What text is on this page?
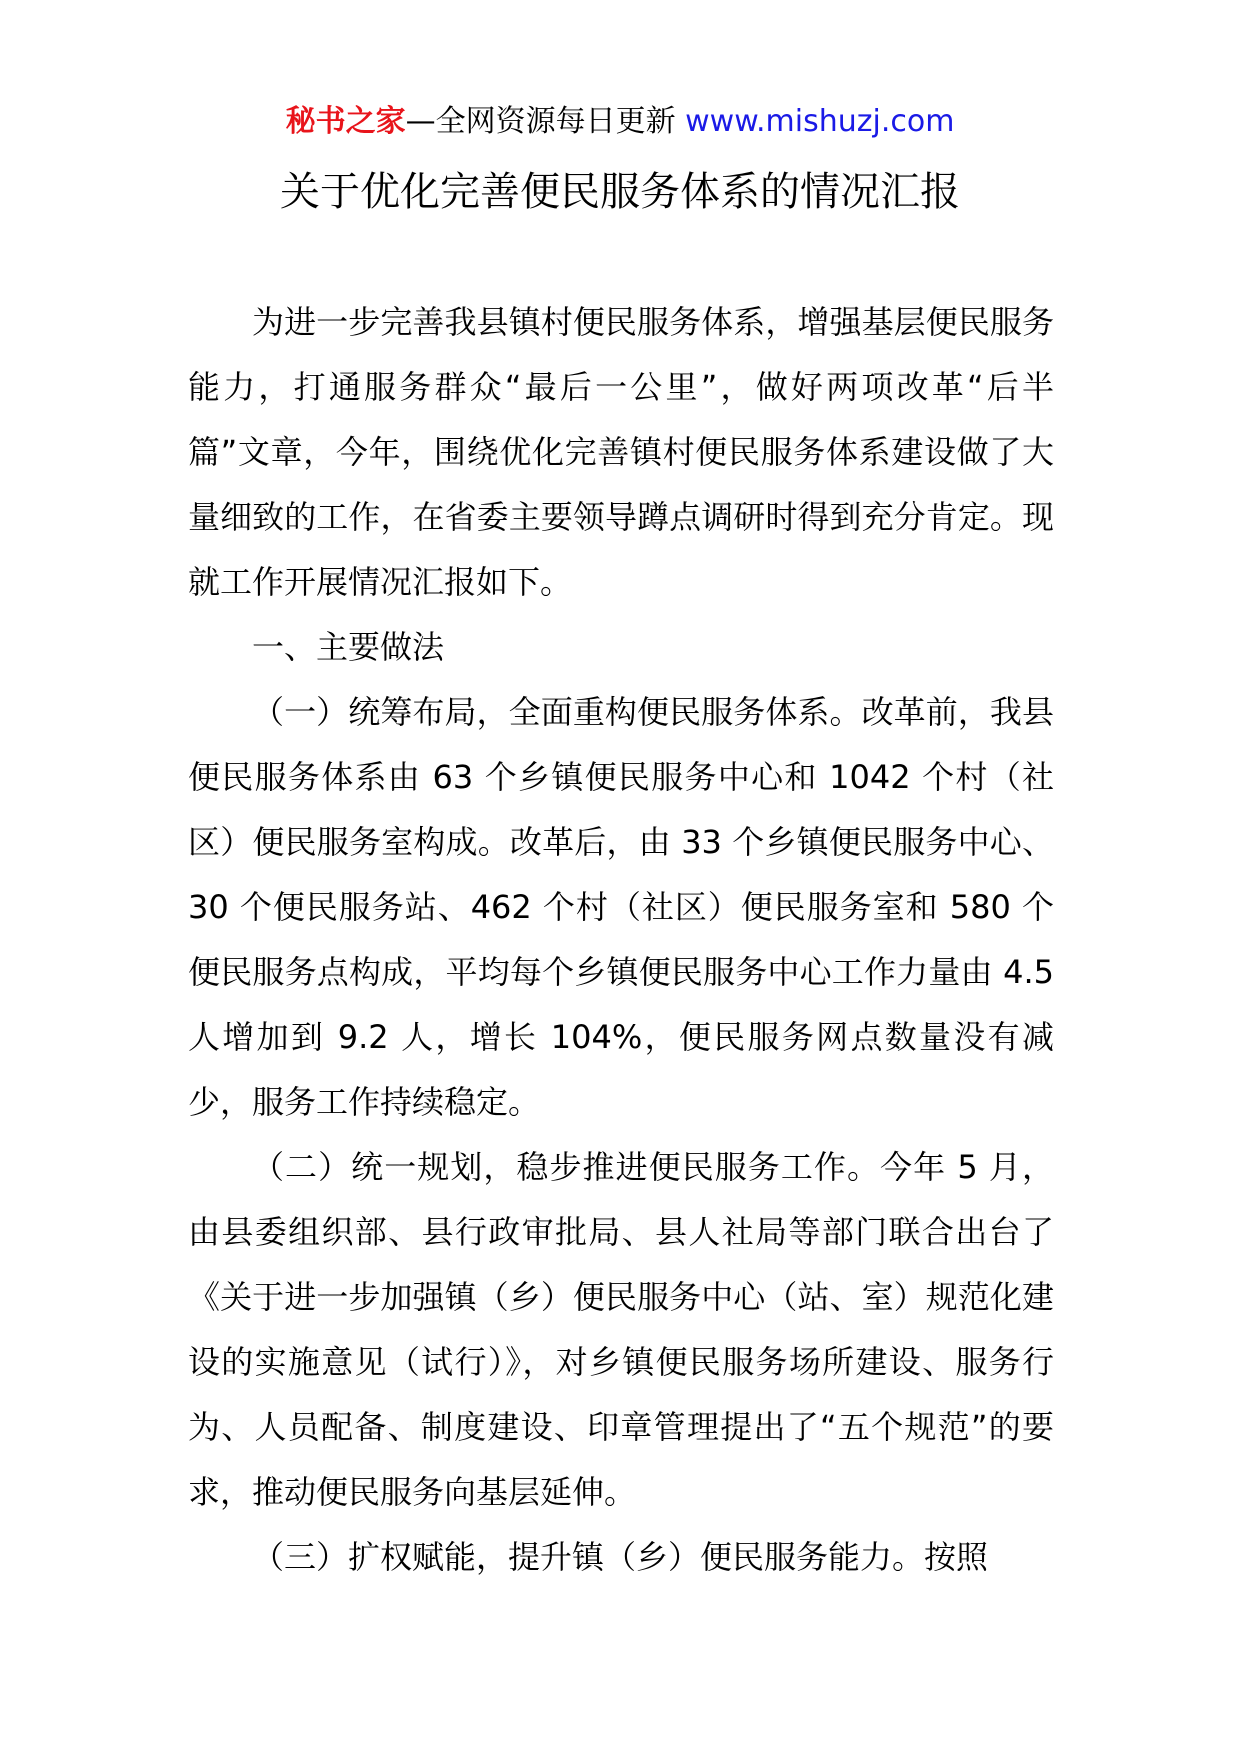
秘书之家—全网资源每日更新 www.mishuzj.com
关于优化完善便民服务体系的情况汇报

为进一步完善我县镇村便民服务体系，增强基层便民服务能力，打通服务群众“最后一公里”，做好两项改革“后半篇”文章，今年，围绕优化完善镇村便民服务体系建设做了大量细致的工作，在省委主要领导蹲点调研时得到充分肯定。现就工作开展情况汇报如下。

一、主要做法

（一）统筹布局，全面重构便民服务体系。改革前，我县便民服务体系由 63 个乡镇便民服务中心和 1042 个村（社区）便民服务室构成。改革后，由 33 个乡镇便民服务中心、30 个便民服务站、462 个村（社区）便民服务室和 580 个便民服务点构成，平均每个乡镇便民服务中心工作力量由 4.5 人增加到 9.2 人，增长 104%，便民服务网点数量没有减少，服务工作持续稳定。

（二）统一规划，稳步推进便民服务工作。今年 5 月，由县委组织部、县行政审批局、县人社局等部门联合出台了《关于进一步加强镇（乡）便民服务中心（站、室）规范化建设的实施意见（试行）》，对乡镇便民服务场所建设、服务行为、人员配备、制度建设、印章管理提出了“五个规范”的要求，推动便民服务向基层延伸。

（三）扩权赋能，提升镇（乡）便民服务能力。按照
